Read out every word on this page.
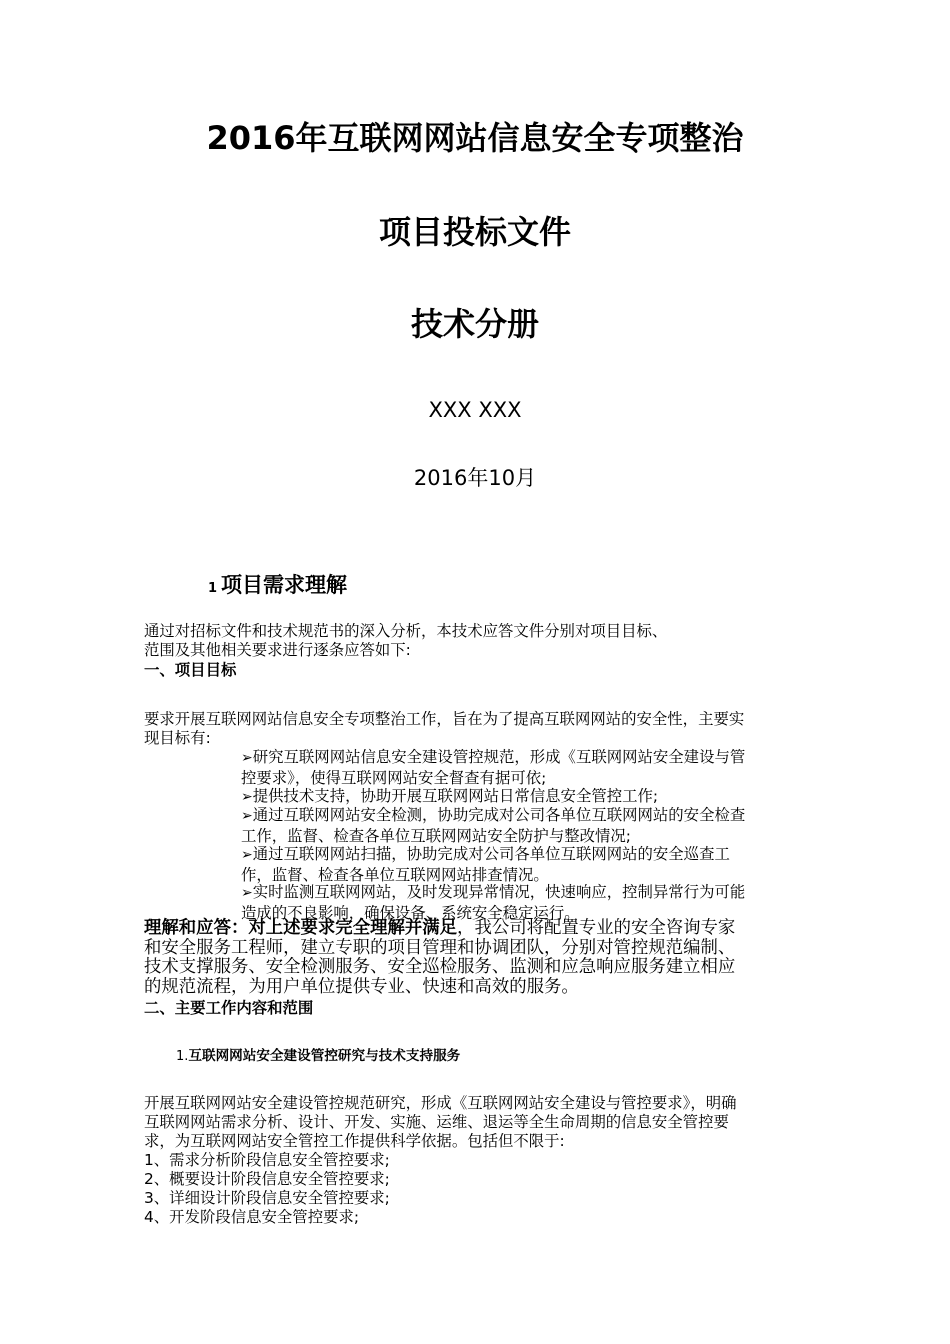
2016年互联网网站信息安全专项整治
项目投标文件
技术分册
XXX XXX
2016年10月
1 项目需求理解
通过对招标文件和技术规范书的深入分析，本技术应答文件分别对项目目标、
范围及其他相关要求进行逐条应答如下:
一、项目目标
要求开展互联网网站信息安全专项整治工作，旨在为了提高互联网网站的安全性，主要实
现目标有:
➢研究互联网网站信息安全建设管控规范，形成《互联网网站安全建设与管
控要求》，使得互联网网站安全督查有据可依;
➢提供技术支持，协助开展互联网网站日常信息安全管控工作;
➢通过互联网网站安全检测，协助完成对公司各单位互联网网站的安全检查
工作，监督、检查各单位互联网网站安全防护与整改情况;
➢通过互联网网站扫描，协助完成对公司各单位互联网网站的安全巡查工
作，监督、检查各单位互联网网站排查情况。
➢实时监测互联网网站，及时发现异常情况，快速响应，控制异常行为可能
造成的不良影响，确保设备、系统安全稳定运行。
理解和应答：对上述要求完全理解并满足，我公司将配置专业的安全咨询专家
和安全服务工程师，建立专职的项目管理和协调团队，分别对管控规范编制、
技术支撑服务、安全检测服务、安全巡检服务、监测和应急响应服务建立相应
的规范流程，为用户单位提供专业、快速和高效的服务。
二、主要工作内容和范围
1.互联网网站安全建设管控研究与技术支持服务
开展互联网网站安全建设管控规范研究，形成《互联网网站安全建设与管控要求》，明确
互联网网站需求分析、设计、开发、实施、运维、退运等全生命周期的信息安全管控要
求，为互联网网站安全管控工作提供科学依据。包括但不限于:
1、需求分析阶段信息安全管控要求;
2、概要设计阶段信息安全管控要求;
3、详细设计阶段信息安全管控要求;
4、开发阶段信息安全管控要求;
